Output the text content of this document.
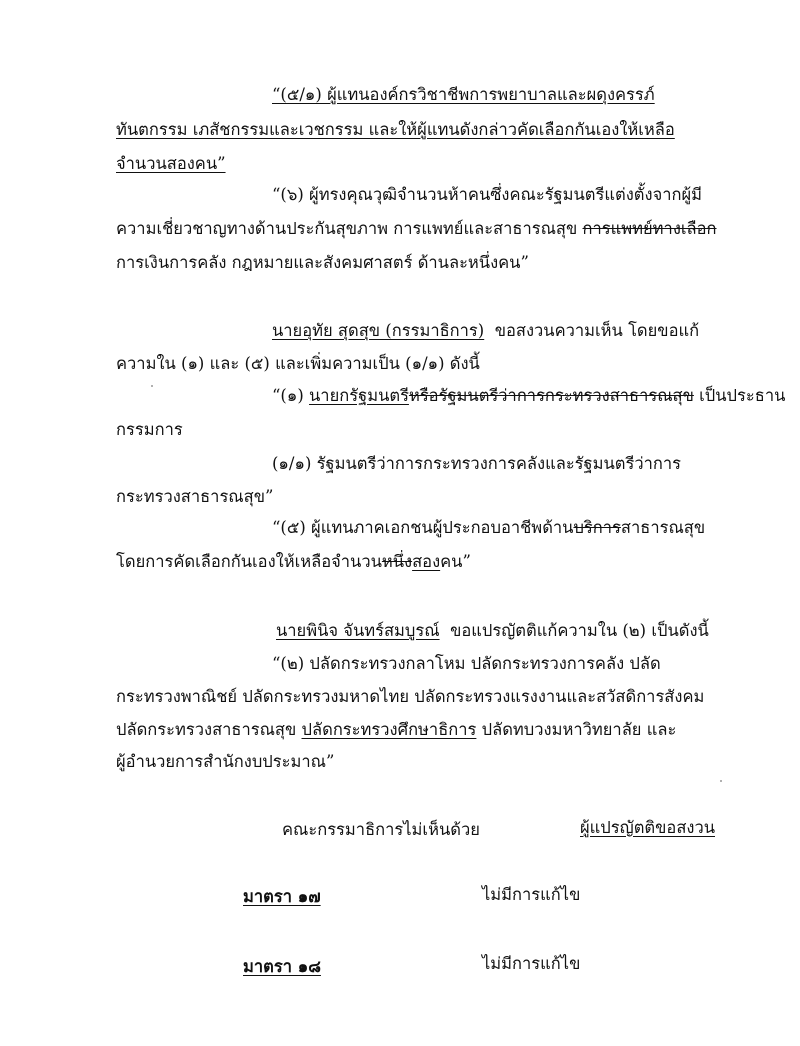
“(๕/๑) ผู้แทนองค์กรวิชาชีพการพยาบาลและผดุงครรภ์
ทันตกรรม เภสัชกรรมและเวชกรรม และให้ผู้แทนดังกล่าวคัดเลือกกันเองให้เหลือ
จำนวนสองคน”
“(๖) ผู้ทรงคุณวุฒิจำนวนห้าคนซึ่งคณะรัฐมนตรีแต่งตั้งจากผู้มี
ความเชี่ยวชาญทางด้านประกันสุขภาพ การแพทย์และสาธารณสุข การแพทย์ทางเลือก
การเงินการคลัง กฎหมายและสังคมศาสตร์ ด้านละหนึ่งคน”
นายอุทัย สุดสุข (กรรมาธิการ) ขอสงวนความเห็น โดยขอแก้
ความใน (๑) และ (๕) และเพิ่มความเป็น (๑/๑) ดังนี้
“(๑) นายกรัฐมนตรีหรือรัฐมนตรีว่าการกระทรวงสาธารณสุข เป็นประธาน
กรรมการ
(๑/๑) รัฐมนตรีว่าการกระทรวงการคลังและรัฐมนตรีว่าการ
กระทรวงสาธารณสุข”
“(๕) ผู้แทนภาคเอกชนผู้ประกอบอาชีพด้านบริการสาธารณสุข
โดยการคัดเลือกกันเองให้เหลือจำนวนหนึ่งสองคน”
นายพินิจ จันทร์สมบูรณ์ ขอแปรญัตติแก้ความใน (๒) เป็นดังนี้
“(๒) ปลัดกระทรวงกลาโหม ปลัดกระทรวงการคลัง ปลัด
กระทรวงพาณิชย์ ปลัดกระทรวงมหาดไทย ปลัดกระทรวงแรงงานและสวัสดิการสังคม
ปลัดกระทรวงสาธารณสุข ปลัดกระทรวงศึกษาธิการ ปลัดทบวงมหาวิทยาลัย และ
ผู้อำนวยการสำนักงบประมาณ”
คณะกรรมาธิการไม่เห็นด้วย	ผู้แปรญัตติขอสงวน
มาตรา ๑๗	ไม่มีการแก้ไข
มาตรา ๑๘	ไม่มีการแก้ไข
